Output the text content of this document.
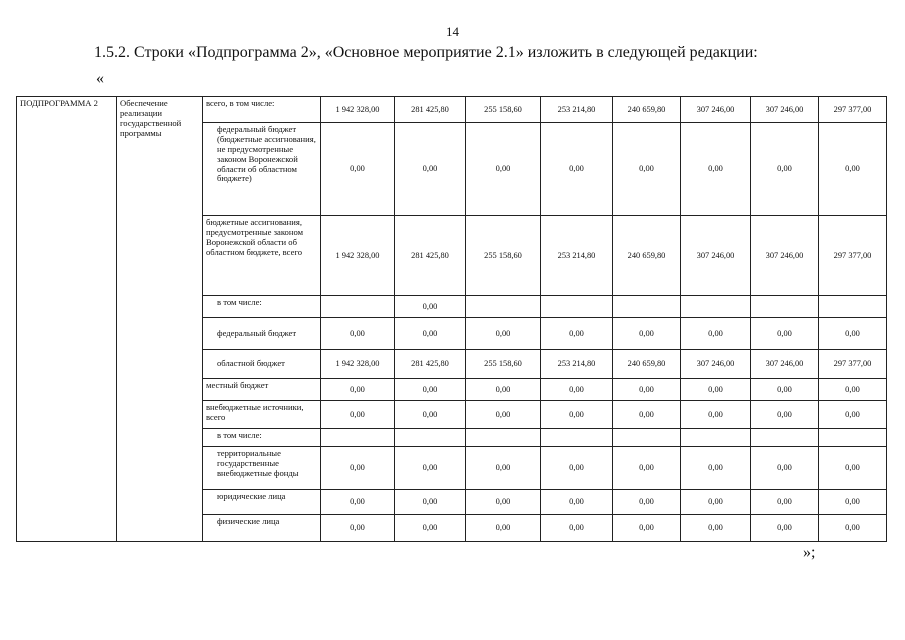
14
1.5.2. Строки «Подпрограмма 2», «Основное мероприятие 2.1» изложить в следующей редакции:
«
ПОДПРОГРАММА 2	Обеспечение реализации государственной программы	всего, в том числе:	1 942 328,00	281 425,80	255 158,60	253 214,80	240 659,80	307 246,00	307 246,00	297 377,00
		федеральный бюджет (бюджетные ассигнования, не предусмотренные законом Воронежской области об областном бюджете)	0,00	0,00	0,00	0,00	0,00	0,00	0,00	0,00
		бюджетные ассигнования, предусмотренные законом Воронежской области об областном бюджете, всего	1 942 328,00	281 425,80	255 158,60	253 214,80	240 659,80	307 246,00	307 246,00	297 377,00
		в том числе:		0,00						
		федеральный бюджет	0,00	0,00	0,00	0,00	0,00	0,00	0,00	0,00
		областной бюджет	1 942 328,00	281 425,80	255 158,60	253 214,80	240 659,80	307 246,00	307 246,00	297 377,00
		местный бюджет	0,00	0,00	0,00	0,00	0,00	0,00	0,00	0,00
		внебюджетные источники, всего	0,00	0,00	0,00	0,00	0,00	0,00	0,00	0,00
		в том числе:								
		территориальные государственные внебюджетные фонды	0,00	0,00	0,00	0,00	0,00	0,00	0,00	0,00
		юридические лица	0,00	0,00	0,00	0,00	0,00	0,00	0,00	0,00
		физические лица	0,00	0,00	0,00	0,00	0,00	0,00	0,00	0,00
»;
